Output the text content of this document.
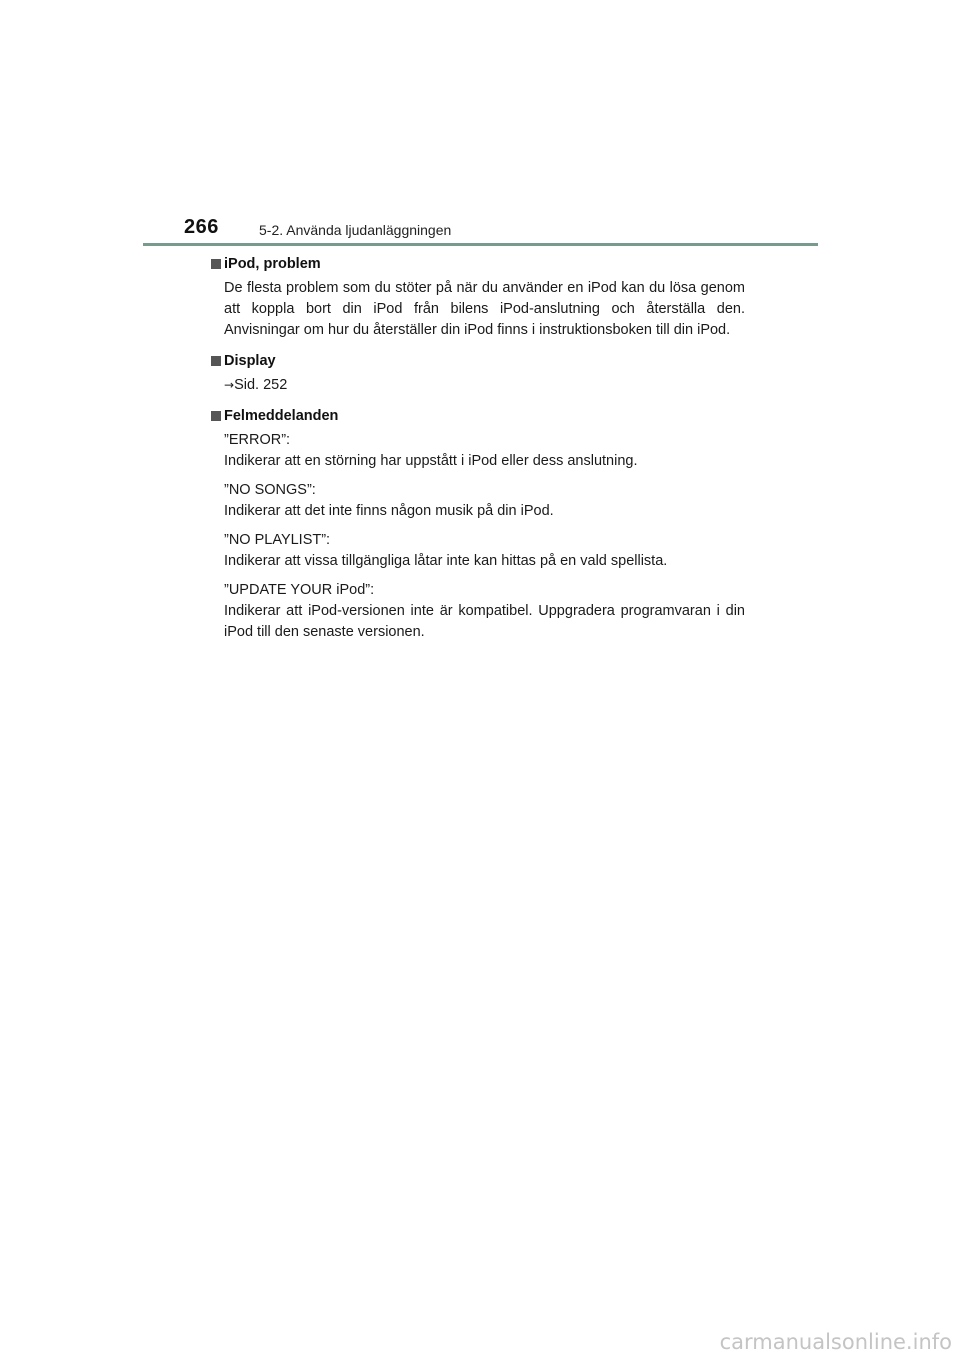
266	5-2. Använda ljudanläggningen
iPod, problem
De flesta problem som du stöter på när du använder en iPod kan du lösa genom att koppla bort din iPod från bilens iPod-anslutning och återställa den. Anvisningar om hur du återställer din iPod finns i instruktionsboken till din iPod.
Display
→Sid. 252
Felmeddelanden
”ERROR”:
Indikerar att en störning har uppstått i iPod eller dess anslutning.
”NO SONGS”:
Indikerar att det inte finns någon musik på din iPod.
”NO PLAYLIST”:
Indikerar att vissa tillgängliga låtar inte kan hittas på en vald spellista.
”UPDATE YOUR iPod”:
Indikerar att iPod-versionen inte är kompatibel. Uppgradera programvaran i din iPod till den senaste versionen.
carmanualsonline.info
